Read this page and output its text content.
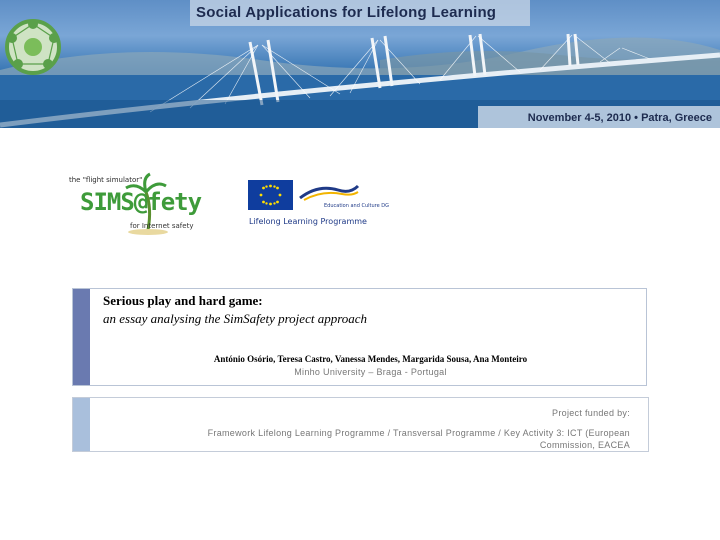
Social Applications for Lifelong Learning
November 4-5, 2010 • Patra, Greece
the "flight simulator"
SIMS@fety
for Internet safety
Education and Culture DG
Lifelong Learning Programme
Serious play and hard game:
an essay analysing the SimSafety project approach
António Osório, Teresa Castro, Vanessa Mendes, Margarida Sousa, Ana Monteiro
Minho University – Braga - Portugal
Project funded by:
Framework Lifelong Learning Programme / Transversal Programme / Key Activity 3: ICT (European Commission, EACEA
